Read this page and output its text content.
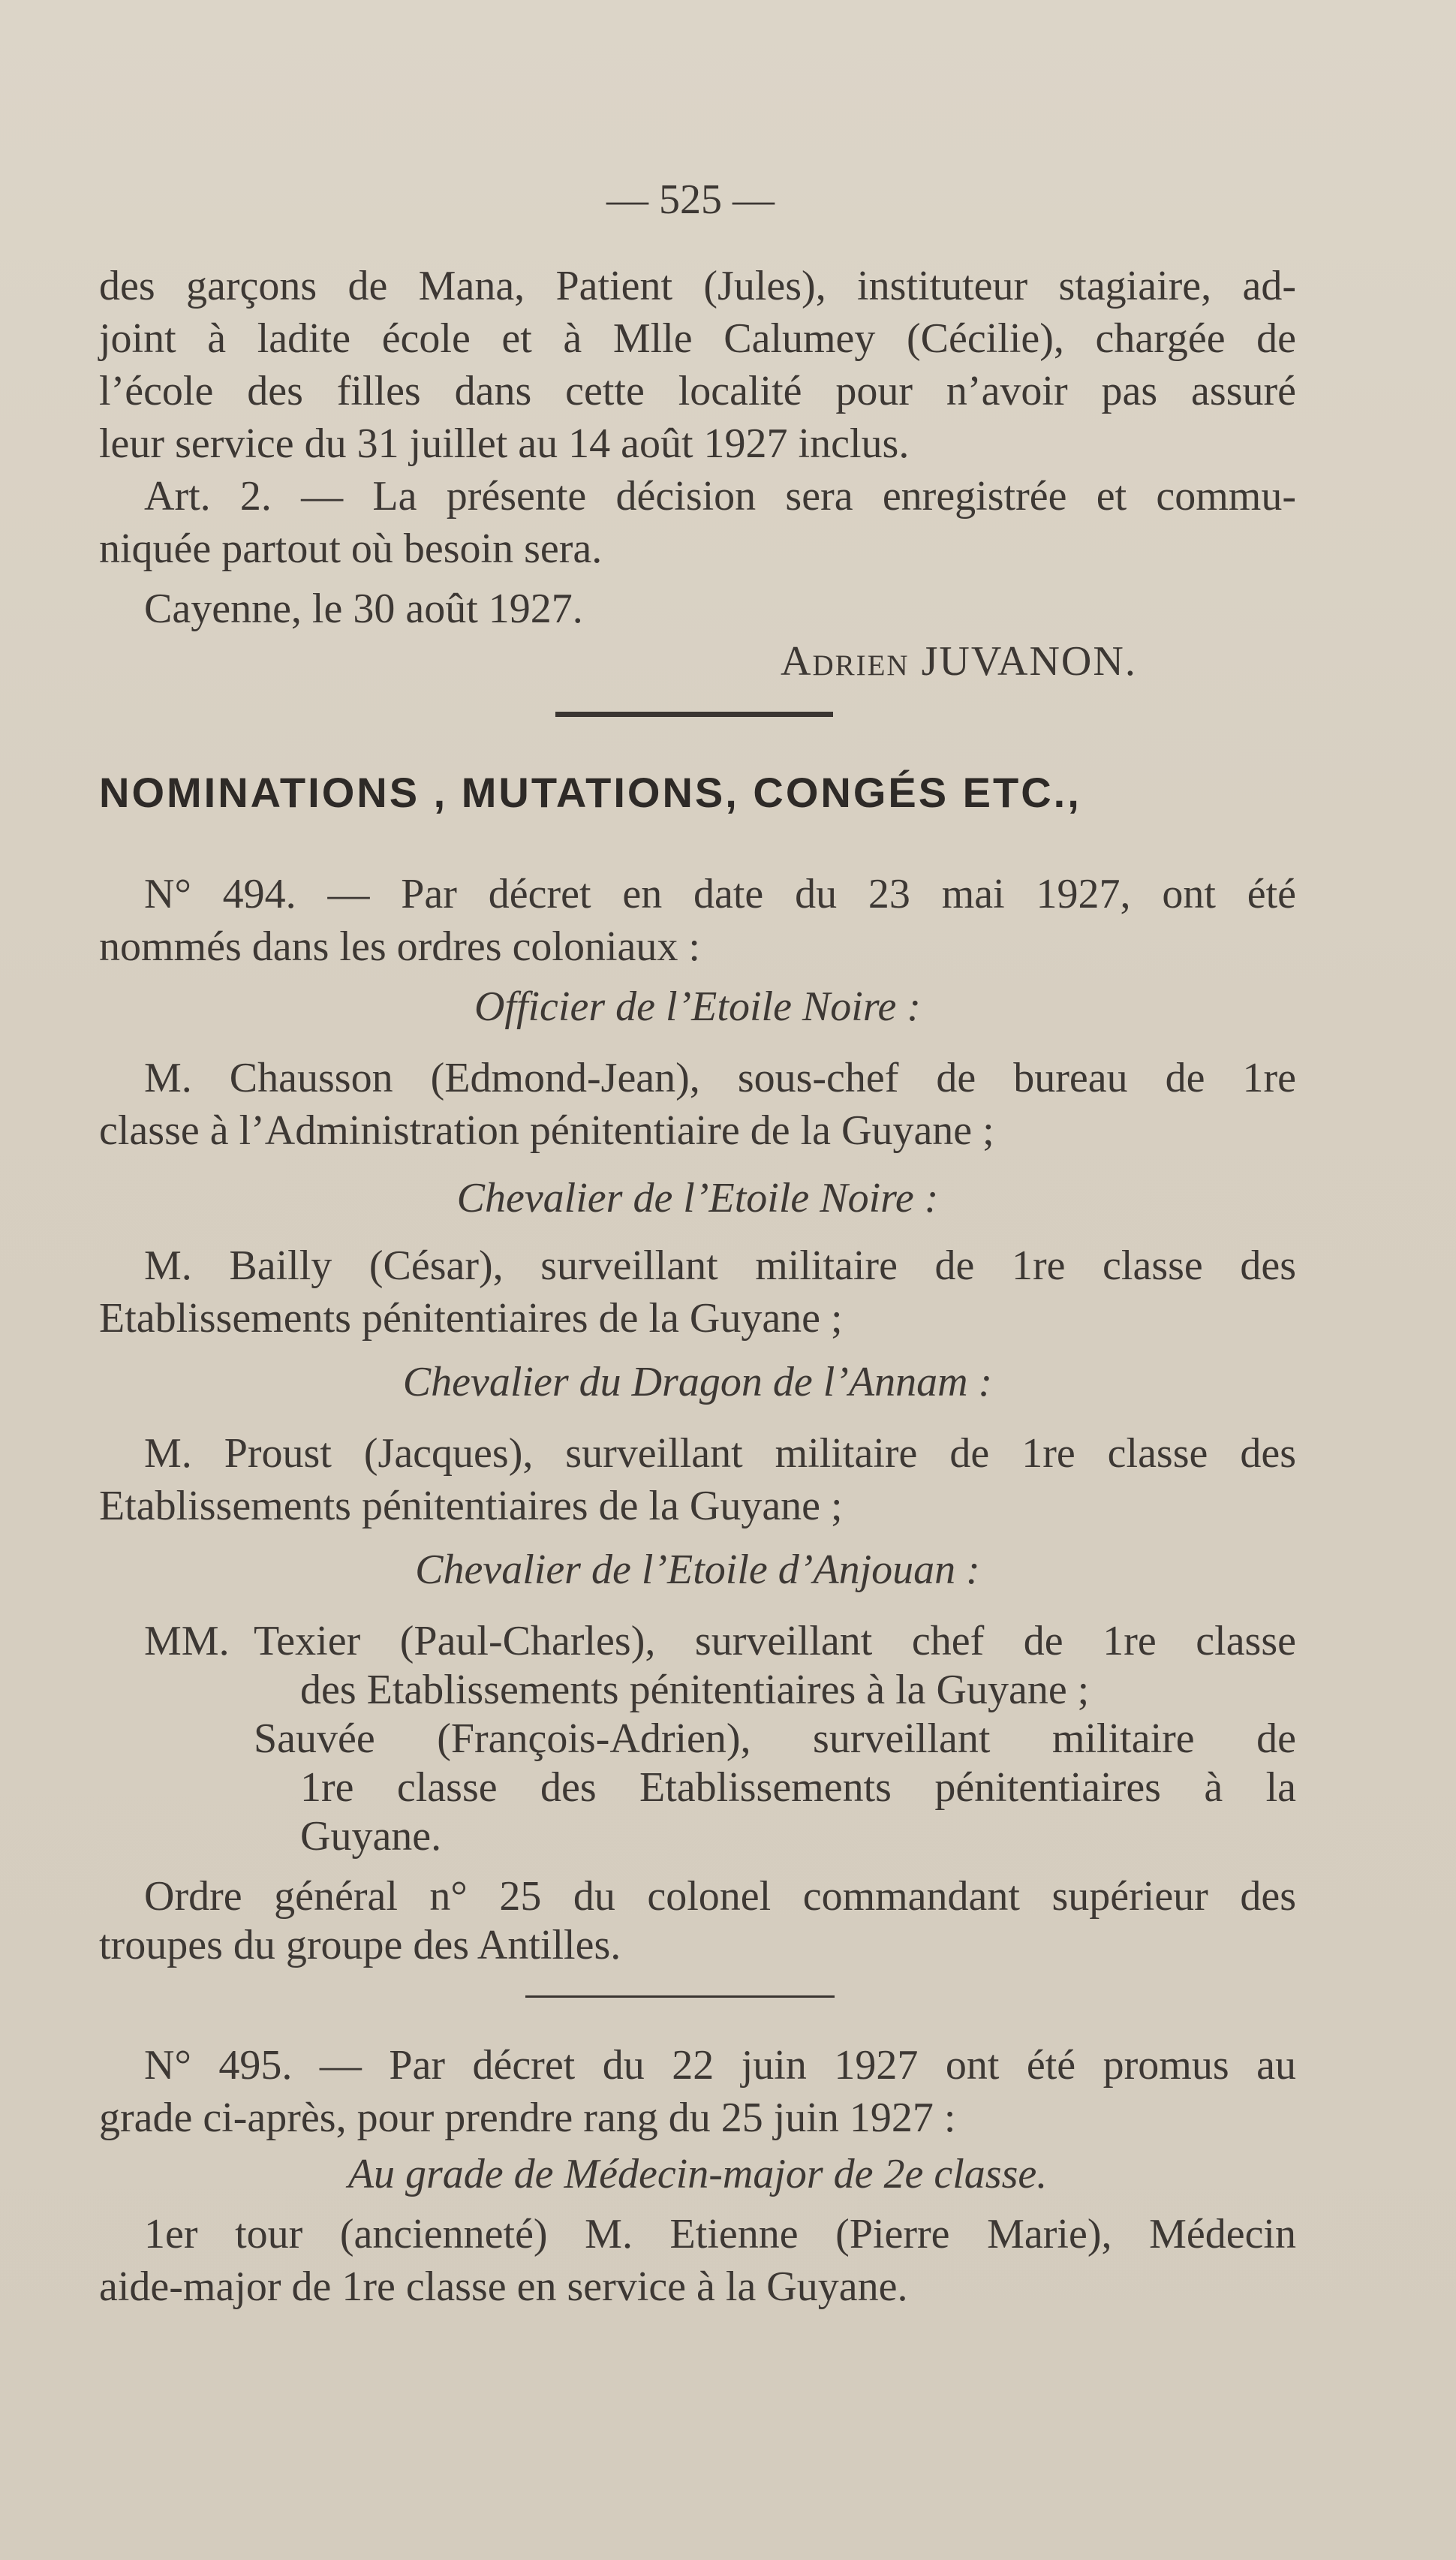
— 525 —
des garçons de Mana, Patient (Jules), instituteur stagiaire, ad-
joint à ladite école et à Mlle Calumey (Cécilie), chargée de
l’école des filles dans cette localité pour n’avoir pas assuré
leur service du 31 juillet au 14 août 1927 inclus.
Art. 2. — La présente décision sera enregistrée et commu-
niquée partout où besoin sera.
Cayenne, le 30 août 1927.
Adrien JUVANON.
NOMINATIONS , MUTATIONS, CONGÉS ETC.,
N° 494. — Par décret en date du 23 mai 1927, ont été
nommés dans les ordres coloniaux :
Officier de l’Etoile Noire :
M. Chausson (Edmond-Jean), sous-chef de bureau de 1re
classe à l’Administration pénitentiaire de la Guyane ;
Chevalier de l’Etoile Noire :
M. Bailly (César), surveillant militaire de 1re classe des
Etablissements pénitentiaires de la Guyane ;
Chevalier du Dragon de l’Annam :
M. Proust (Jacques), surveillant militaire de 1re classe des
Etablissements pénitentiaires de la Guyane ;
Chevalier de l’Etoile d’Anjouan :
MM. Texier (Paul-Charles), surveillant chef de 1re classe
des Etablissements pénitentiaires à la Guyane ;
Sauvée (François-Adrien), surveillant militaire de
1re classe des Etablissements pénitentiaires à la
Guyane.
Ordre général n° 25 du colonel commandant supérieur des
troupes du groupe des Antilles.
N° 495. — Par décret du 22 juin 1927 ont été promus au
grade ci-après, pour prendre rang du 25 juin 1927 :
Au grade de Médecin-major de 2e classe.
1er tour (ancienneté) M. Etienne (Pierre Marie), Médecin
aide-major de 1re classe en service à la Guyane.
